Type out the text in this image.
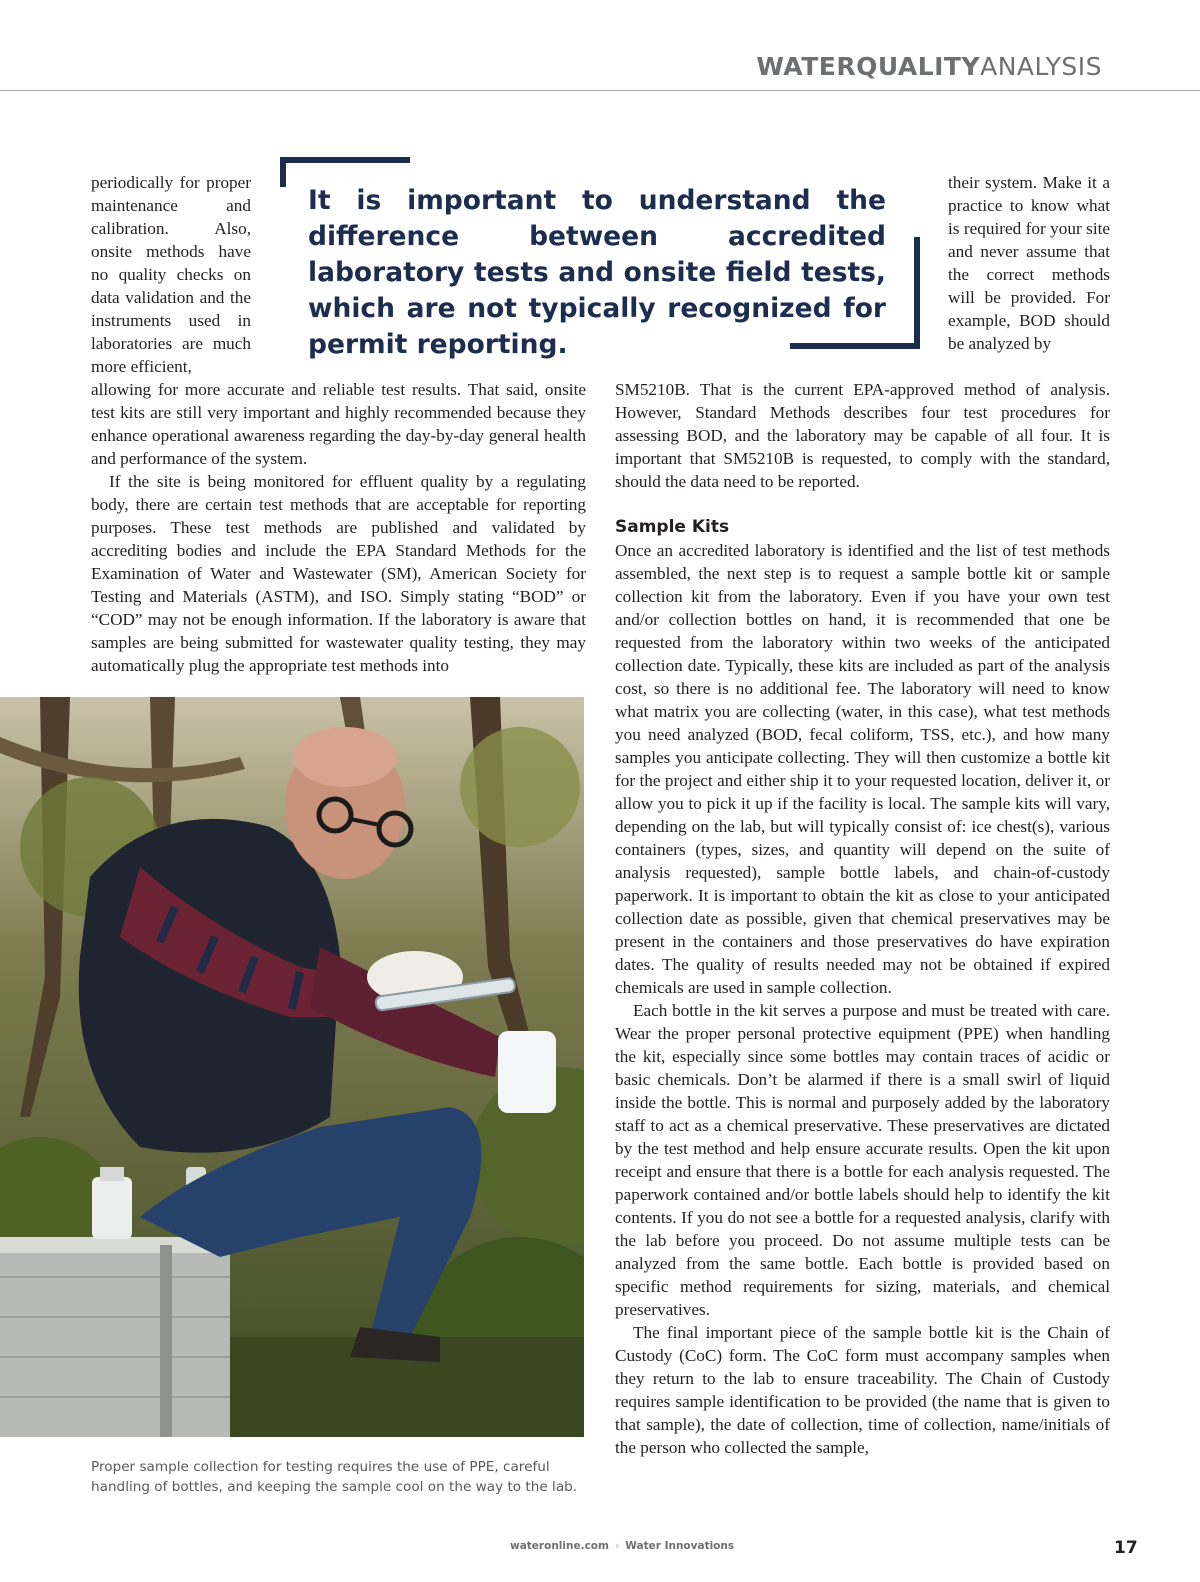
WATERQUALITYANALYSIS

periodically for proper maintenance and calibration. Also, onsite methods have no quality checks on data validation and the instruments used in laboratories are much more efficient,

It is important to understand the difference between accredited laboratory tests and onsite field tests, which are not typically recognized for permit reporting.

their system. Make it a practice to know what is required for your site and never assume that the correct methods will be provided. For example, BOD should be analyzed by

allowing for more accurate and reliable test results. That said, onsite test kits are still very important and highly recommended because they enhance operational awareness regarding the day-by-day general health and performance of the system.

If the site is being monitored for effluent quality by a regulating body, there are certain test methods that are acceptable for reporting purposes. These test methods are published and validated by accrediting bodies and include the EPA Standard Methods for the Examination of Water and Wastewater (SM), American Society for Testing and Materials (ASTM), and ISO. Simply stating “BOD” or “COD” may not be enough information. If the laboratory is aware that samples are being submitted for wastewater quality testing, they may automatically plug the appropriate test methods into

SM5210B. That is the current EPA-approved method of analysis. However, Standard Methods describes four test procedures for assessing BOD, and the laboratory may be capable of all four. It is important that SM5210B is requested, to comply with the standard, should the data need to be reported.

Sample Kits

Once an accredited laboratory is identified and the list of test methods assembled, the next step is to request a sample bottle kit or sample collection kit from the laboratory. Even if you have your own test and/or collection bottles on hand, it is recommended that one be requested from the laboratory within two weeks of the anticipated collection date. Typically, these kits are included as part of the analysis cost, so there is no additional fee. The laboratory will need to know what matrix you are collecting (water, in this case), what test methods you need analyzed (BOD, fecal coliform, TSS, etc.), and how many samples you anticipate collecting. They will then customize a bottle kit for the project and either ship it to your requested location, deliver it, or allow you to pick it up if the facility is local. The sample kits will vary, depending on the lab, but will typically consist of: ice chest(s), various containers (types, sizes, and quantity will depend on the suite of analysis requested), sample bottle labels, and chain-of-custody paperwork. It is important to obtain the kit as close to your anticipated collection date as possible, given that chemical preservatives may be present in the containers and those preservatives do have expiration dates. The quality of results needed may not be obtained if expired chemicals are used in sample collection.

Each bottle in the kit serves a purpose and must be treated with care. Wear the proper personal protective equipment (PPE) when handling the kit, especially since some bottles may contain traces of acidic or basic chemicals. Don’t be alarmed if there is a small swirl of liquid inside the bottle. This is normal and purposely added by the laboratory staff to act as a chemical preservative. These preservatives are dictated by the test method and help ensure accurate results. Open the kit upon receipt and ensure that there is a bottle for each analysis requested. The paperwork contained and/or bottle labels should help to identify the kit contents. If you do not see a bottle for a requested analysis, clarify with the lab before you proceed. Do not assume multiple tests can be analyzed from the same bottle. Each bottle is provided based on specific method requirements for sizing, materials, and chemical preservatives.

The final important piece of the sample bottle kit is the Chain of Custody (CoC) form. The CoC form must accompany samples when they return to the lab to ensure traceability. The Chain of Custody requires sample identification to be provided (the name that is given to that sample), the date of collection, time of collection, name/initials of the person who collected the sample,

Proper sample collection for testing requires the use of PPE, careful handling of bottles, and keeping the sample cool on the way to the lab.

wateronline.com › Water Innovations	17
